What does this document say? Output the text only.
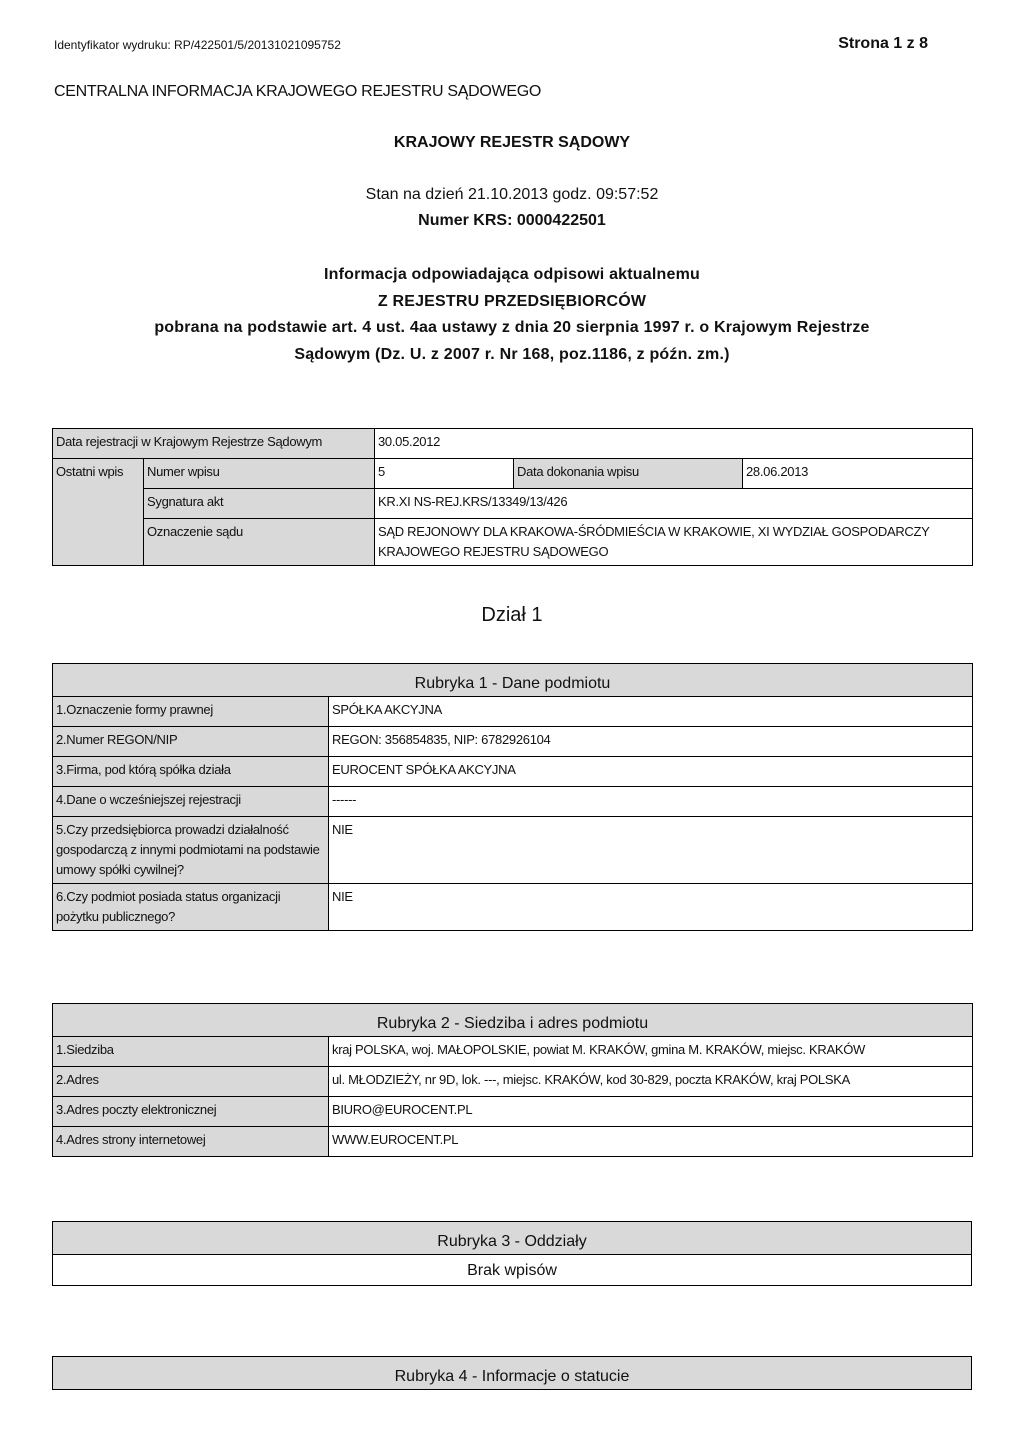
Identyfikator wydruku: RP/422501/5/20131021095752	Strona 1 z 8
CENTRALNA INFORMACJA KRAJOWEGO REJESTRU SĄDOWEGO
KRAJOWY REJESTR SĄDOWY
Stan na dzień 21.10.2013 godz. 09:57:52
Numer KRS: 0000422501
Informacja odpowiadająca odpisowi aktualnemu
Z REJESTRU PRZEDSIĘBIORCÓW
pobrana na podstawie art. 4 ust. 4aa ustawy z dnia 20 sierpnia 1997 r. o Krajowym Rejestrze
Sądowym (Dz. U. z 2007 r. Nr 168, poz.1186, z późn. zm.)
Data rejestracji w Krajowym Rejestrze Sądowym		30.05.2012		
Ostatni wpis	Numer wpisu	5	Data dokonania wpisu	28.06.2013
	Sygnatura akt	KR.XI NS-REJ.KRS/13349/13/426		
	Oznaczenie sądu	SĄD REJONOWY DLA KRAKOWA-ŚRÓDMIEŚCIA W KRAKOWIE, XI WYDZIAŁ GOSPODARCZY KRAJOWEGO REJESTRU SĄDOWEGO		
Dział 1
Rubryka 1 - Dane podmiotu	
1.Oznaczenie formy prawnej	SPÓŁKA AKCYJNA
2.Numer REGON/NIP	REGON: 356854835, NIP: 6782926104
3.Firma, pod którą spółka działa	EUROCENT SPÓŁKA AKCYJNA
4.Dane o wcześniejszej rejestracji	------
5.Czy przedsiębiorca prowadzi działalność gospodarczą z innymi podmiotami na podstawie umowy spółki cywilnej?	NIE
6.Czy podmiot posiada status organizacji pożytku publicznego?	NIE
Rubryka 2 - Siedziba i adres podmiotu	
1.Siedziba	kraj POLSKA, woj. MAŁOPOLSKIE, powiat M. KRAKÓW, gmina M. KRAKÓW, miejsc. KRAKÓW
2.Adres	ul. MŁODZIEŻY, nr 9D, lok. ---, miejsc. KRAKÓW, kod 30-829, poczta KRAKÓW, kraj POLSKA
3.Adres poczty elektronicznej	BIURO@EUROCENT.PL
4.Adres strony internetowej	WWW.EUROCENT.PL
Rubryka 3 - Oddziały
Brak wpisów
Rubryka 4 - Informacje o statucie
